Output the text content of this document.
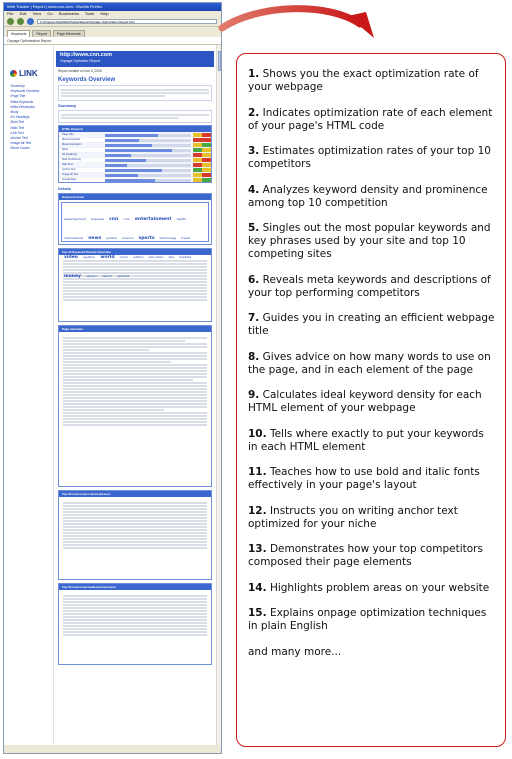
Web Tracker | Report | www.cnn.com - Mozilla Firefox
File Edit View Go Bookmarks Tools Help
C:\Program Files\WebTracker\Report\Onpage Optimization Report.html
Keywords	Report	Page Elements
Onpage Optimization Report
LINK
• Summary
• Keywords Overview
• Page Title
• Meta Keywords
• Meta Description
• Body
• H1 Headings
• Bold Text
• Italic Text
• Link Text
• Anchor Text
• Image Alt Text
• Word Counts
http://www.cnn.com
Onpage Optimizer Report
Report created on Nov 6, 2006
Keywords Overview
Summary
HTML Element
Page Title
Meta Keywords
Meta Description
Body
H1 Headings
Bold Text/Strong
Italic Text
Anchor Text
Image Alt Text
Overall Rate
Details
Keyword cloud
advertisement business cnn com entertainment health international news politics science sports technology travel video weather world crime edition education law markets money opinion search specials
Top 10 Keyword Density Overview
Page elements
Top 10 most used 1-word phrases
Top 10 most used multi-word phrases
1. Shows you the exact optimization rate of your webpage
2. Indicates optimization rate of each element of your page's HTML code
3. Estimates optimization rates of your top 10 competitors
4. Analyzes keyword density and prominence among top 10 competition
5. Singles out the most popular keywords and key phrases used by your site and top 10 competing sites
6. Reveals meta keywords and descriptions of your top performing competitors
7. Guides you in creating an efficient webpage title
8. Gives advice on how many words to use on the page, and in each element of the page
9. Calculates ideal keyword density for each HTML element of your webpage
10. Tells where exactly to put your keywords in each HTML element
11. Teaches how to use bold and italic fonts effectively in your page's layout
12. Instructs you on writing anchor text optimized for your niche
13. Demonstrates how your top competitors composed their page elements
14. Highlights problem areas on your website
15. Explains onpage optimization techniques in plain English
and many more...
